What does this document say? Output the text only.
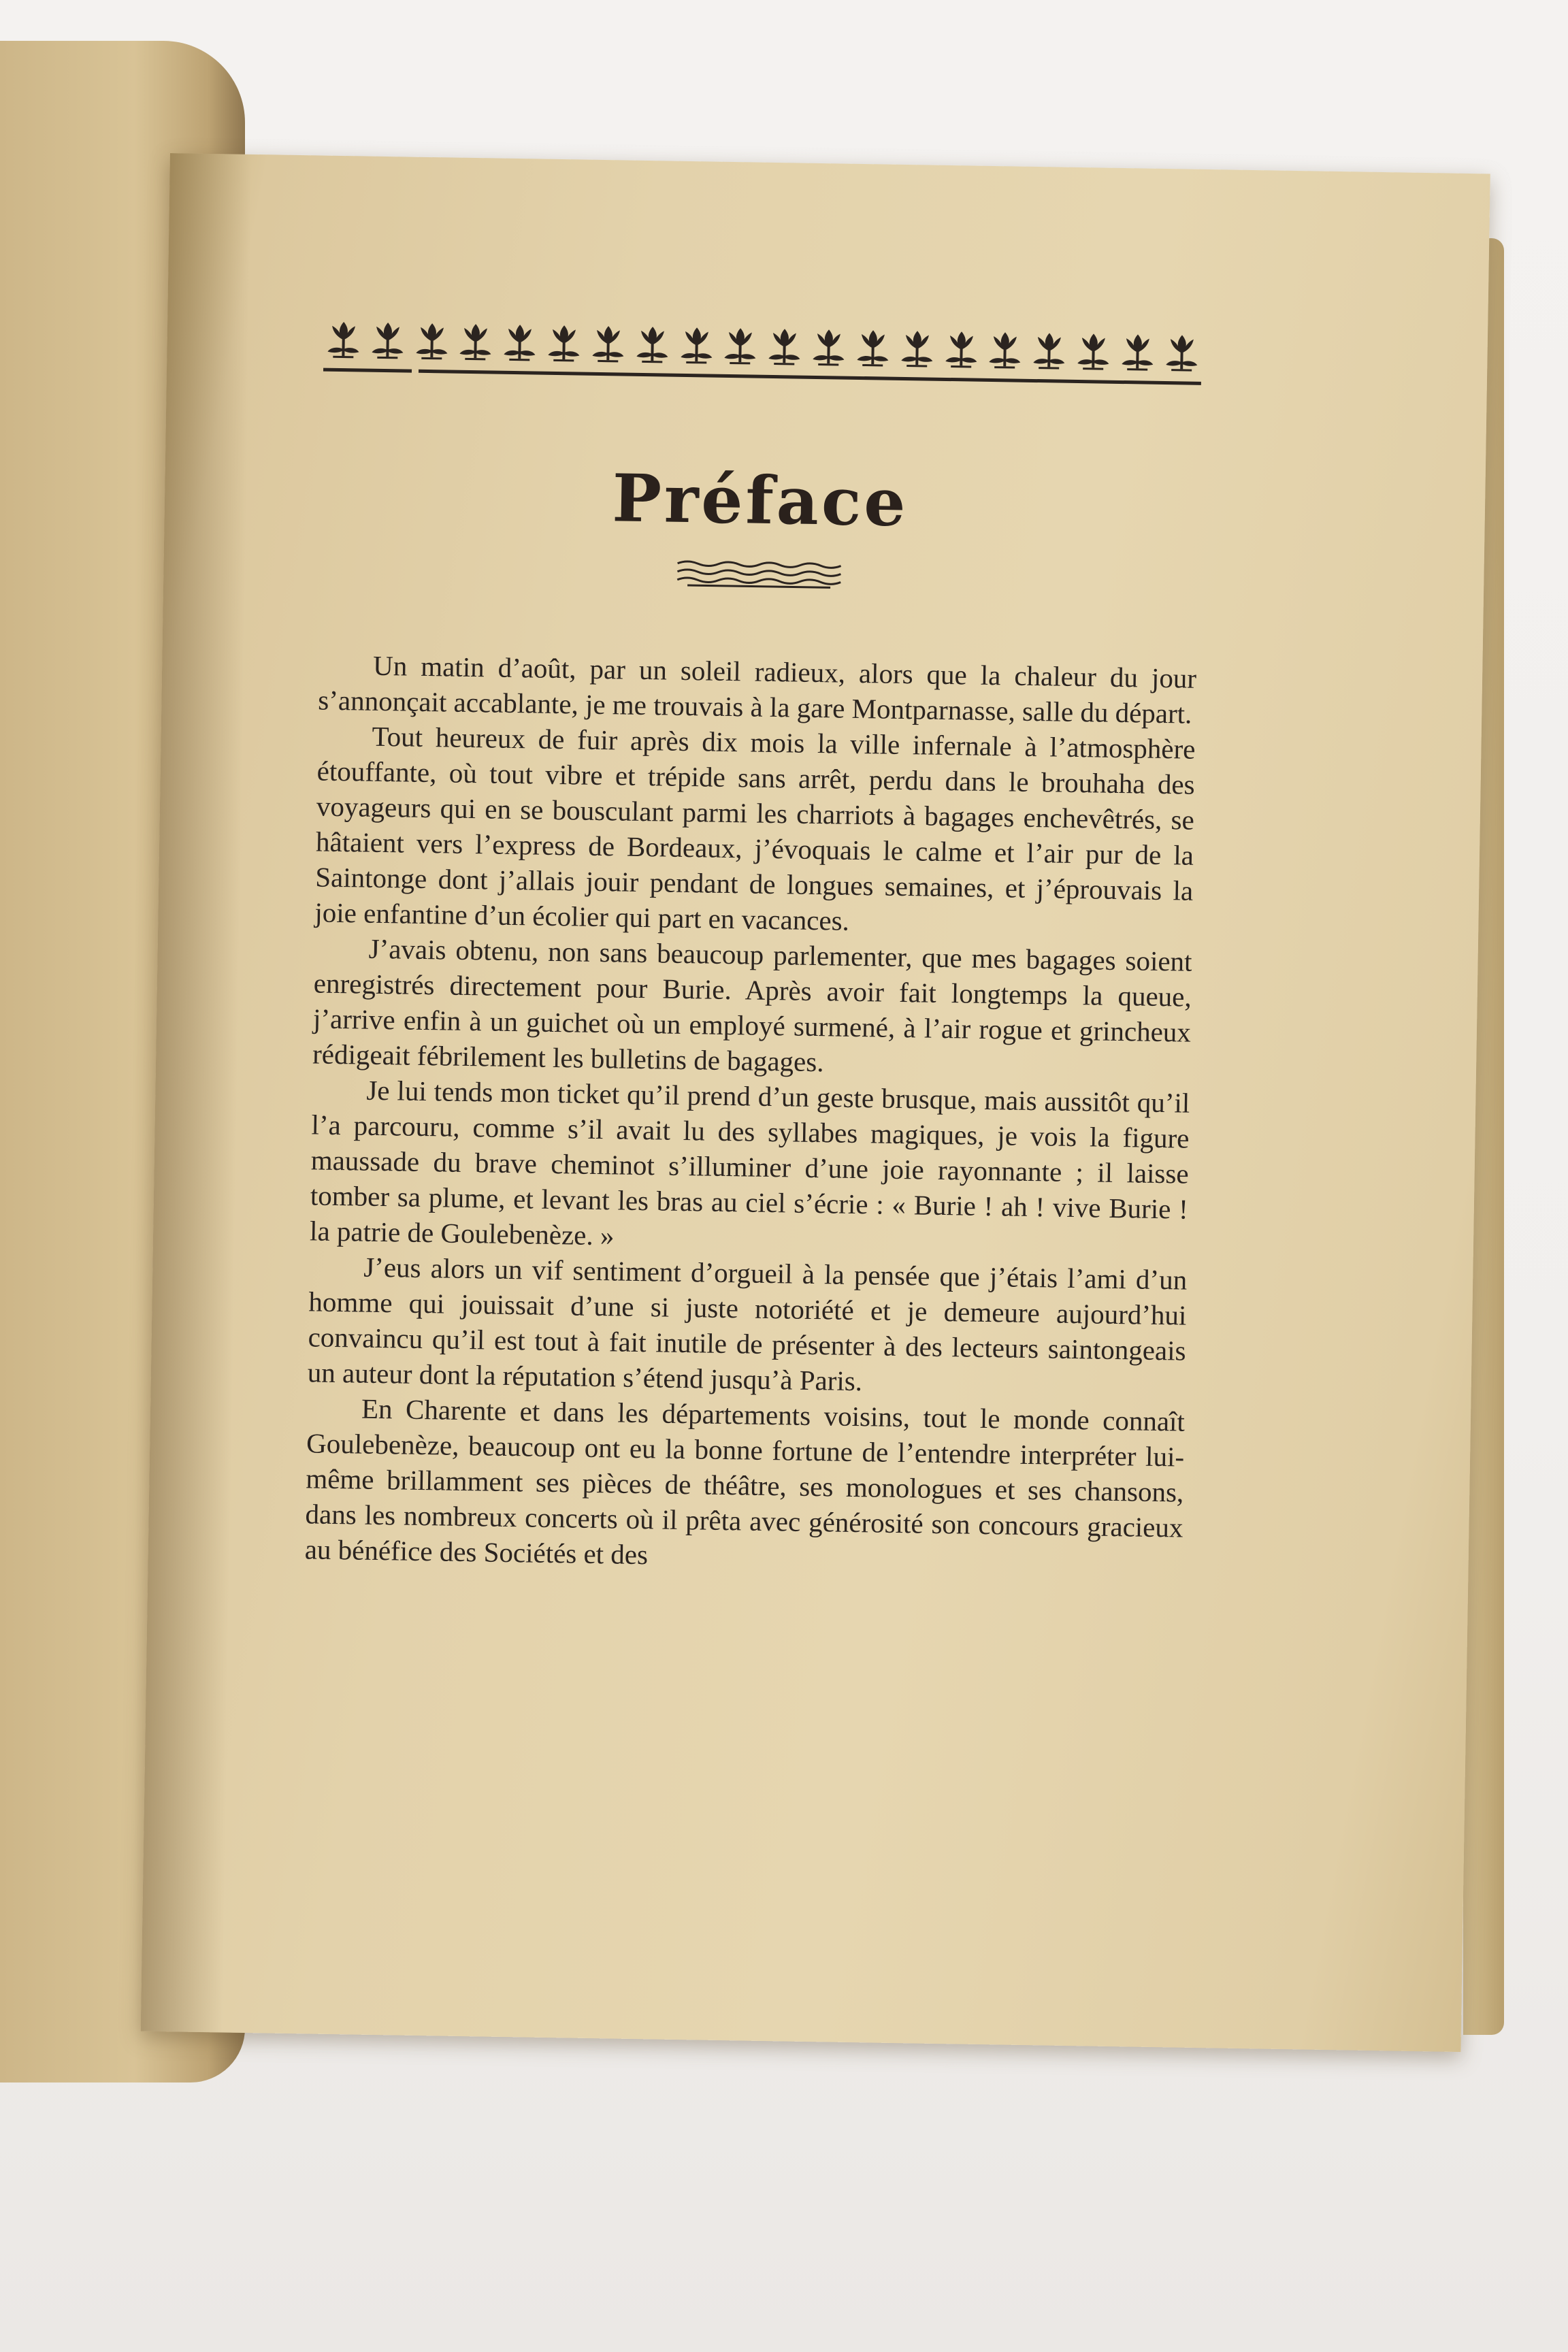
Préface

Un matin d’août, par un soleil radieux, alors que la chaleur du jour s’annonçait accablante, je me trouvais à la gare Montparnasse, salle du départ.

Tout heureux de fuir après dix mois la ville infernale à l’atmosphère étouffante, où tout vibre et trépide sans arrêt, perdu dans le brouhaha des voyageurs qui en se bousculant parmi les charriots à bagages enchevêtrés, se hâtaient vers l’express de Bordeaux, j’évoquais le calme et l’air pur de la Saintonge dont j’allais jouir pendant de longues semaines, et j’éprouvais la joie enfantine d’un écolier qui part en vacances.

J’avais obtenu, non sans beaucoup parlementer, que mes bagages soient enregistrés directement pour Burie. Après avoir fait longtemps la queue, j’arrive enfin à un guichet où un employé surmené, à l’air rogue et grincheux rédigeait fébrilement les bulletins de bagages.

Je lui tends mon ticket qu’il prend d’un geste brusque, mais aussitôt qu’il l’a parcouru, comme s’il avait lu des syllabes magiques, je vois la figure maussade du brave cheminot s’illuminer d’une joie rayonnante ; il laisse tomber sa plume, et levant les bras au ciel s’écrie : « Burie ! ah ! vive Burie ! la patrie de Goulebenèze. »

J’eus alors un vif sentiment d’orgueil à la pensée que j’étais l’ami d’un homme qui jouissait d’une si juste notoriété et je demeure aujourd’hui convaincu qu’il est tout à fait inutile de présenter à des lecteurs saintongeais un auteur dont la réputation s’étend jusqu’à Paris.

En Charente et dans les départements voisins, tout le monde connaît Goulebenèze, beaucoup ont eu la bonne fortune de l’entendre interpréter lui-même brillamment ses pièces de théâtre, ses monologues et ses chansons, dans les nombreux concerts où il prêta avec générosité son concours gracieux au bénéfice des Sociétés et des
